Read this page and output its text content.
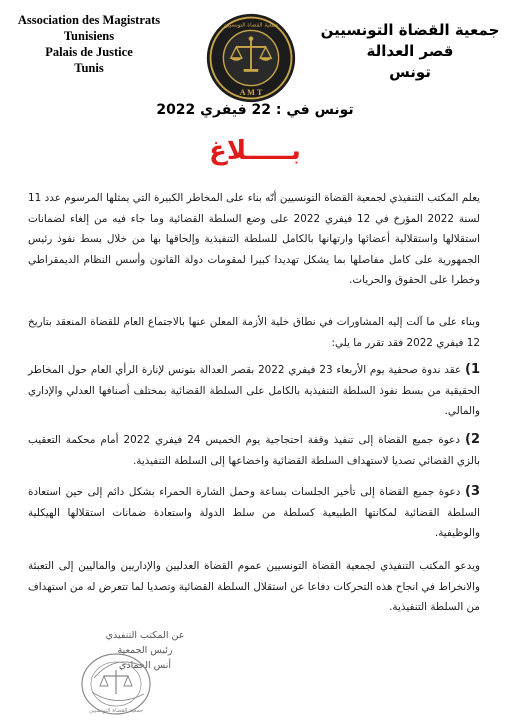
Association des Magistrats
Tunisiens
Palais de Justice
Tunis
A M T
جمعية القضاة التونسيين	جمعية القضاة التونسيين
قصر العدالة
تونس
تونس في : 22 فيفري 2022
بـــــلاغ
يعلم المكتب التنفيذي لجمعية القضاة التونسيين أنّه بناء على المخاطر الكبيرة التي يمثلها المرسوم عدد 11 لسنة 2022 المؤرخ في 12 فيفري 2022 على وضع السلطة القضائية وما جاء فيه من إلغاء لضمانات استقلالها واستقلالية أعضائها وارتهانها بالكامل للسلطة التنفيذية وإلحاقها بها من خلال بسط نفوذ رئيس الجمهورية على كامل مفاصلها بما يشكل تهديدا كبيرا لمقومات دولة القانون وأسس النظام الديمقراطي وخطرا على الحقوق والحريات.
وبناء على ما آلت إليه المشاورات في نطاق خلية الأزمة المعلن عنها بالاجتماع العام للقضاة المنعقد بتاريخ 12 فيفري 2022 فقد تقرر ما يلي:
1) عقد ندوة صحفية يوم الأربعاء 23 فيفري 2022 بقصر العدالة بتونس لإنارة الرأي العام حول المخاطر الحقيقية من بسط نفوذ السلطة التنفيذية بالكامل على السلطة القضائية بمختلف أصنافها العدلي والإداري والمالي.
2) دعوة جميع القضاة إلى تنفيذ وقفة احتجاجية يوم الخميس 24 فيفري 2022 أمام محكمة التعقيب بالزي القضائي تصديا لاستهداف السلطة القضائية واخضاعها إلى السلطة التنفيذية.
3) دعوة جميع القضاة إلى تأخير الجلسات بساعة وحمل الشارة الحمراء بشكل دائم إلى حين استعادة السلطة القضائية لمكانتها الطبيعية كسلطة من سلط الدولة واستعادة ضمانات استقلالها الهيكلية والوظيفية.
ويدعو المكتب التنفيذي لجمعية القضاة التونسيين عموم القضاة العدليين والإداريين والماليين إلى التعبئة والانخراط في انجاح هذه التحركات دفاعا عن استقلال السلطة القضائية وتصديا لما تتعرض له من استهداف من السلطة التنفيذية.
عن المكتب التنفيذي
رئيس الجمعية
أنس الحمادي
جمعية القضاة التونسيين
